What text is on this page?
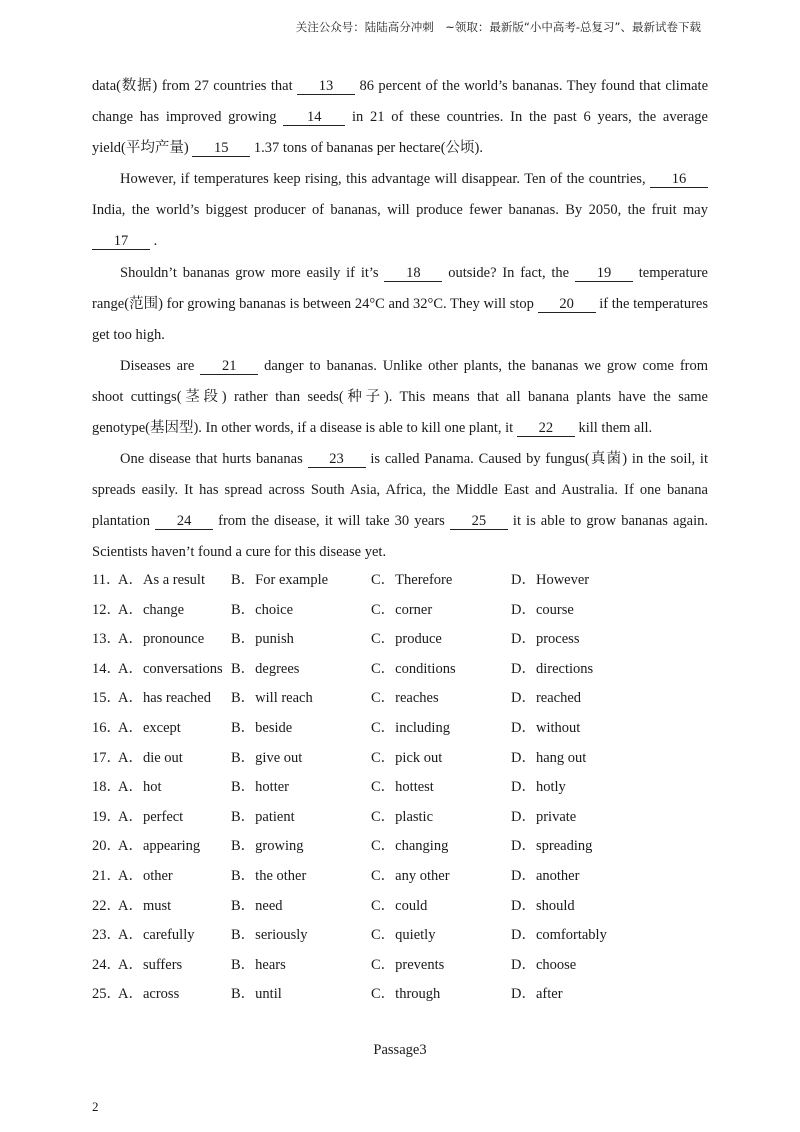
关注公众号：陆陆高分冲刺　~领取：最新版“小中高考-总复习”、最新试卷下载

data(数据) from 27 countries that 13 86 percent of the world’s bananas. They found that climate change has improved growing 14 in 21 of these countries. In the past 6 years, the average yield(平均产量) 15 1.37 tons of bananas per hectare(公顷).

However, if temperatures keep rising, this advantage will disappear. Ten of the countries, 16 India, the world’s biggest producer of bananas, will produce fewer bananas. By 2050, the fruit may 17 .

Shouldn’t bananas grow more easily if it’s 18 outside? In fact, the 19 temperature range(范围) for growing bananas is between 24°C and 32°C. They will stop 20 if the temperatures get too high.

Diseases are 21 danger to bananas. Unlike other plants, the bananas we grow come from shoot cuttings(茎段) rather than seeds(种子). This means that all banana plants have the same genotype(基因型). In other words, if a disease is able to kill one plant, it 22 kill them all.

One disease that hurts bananas 23 is called Panama. Caused by fungus(真菌) in the soil, it spreads easily. It has spread across South Asia, Africa, the Middle East and Australia. If one banana plantation 24 from the disease, it will take 30 years 25 it is able to grow bananas again. Scientists haven’t found a cure for this disease yet.

11．
A．As a result B．For example	C．Therefore	D．However
12．
A．change	B．choice	C．corner	D．course
13．
A．pronounce B．punish	C．produce	D．process
14．
A．conversations B．degrees	C．conditions	D．directions
15．
A．has reached B．will reach	C．reaches	D．reached
16．
A．except	B．beside	C．including	D．without
17．
A．die out	B．give out	C．pick out	D．hang out
18．
A．hot	B．hotter	C．hottest	D．hotly
19．
A．perfect	B．patient	C．plastic	D．private
20．
A．appearing B．growing	C．changing	D．spreading
21．
A．other	B．the other	C．any other	D．another
22．
A．must	B．need	C．could	D．should
23．
A．carefully	B．seriously	C．quietly	D．comfortably
24．
A．suffers	B．hears	C．prevents	D．choose
25．
A．across	B．until	C．through	D．after
Passage3
2
